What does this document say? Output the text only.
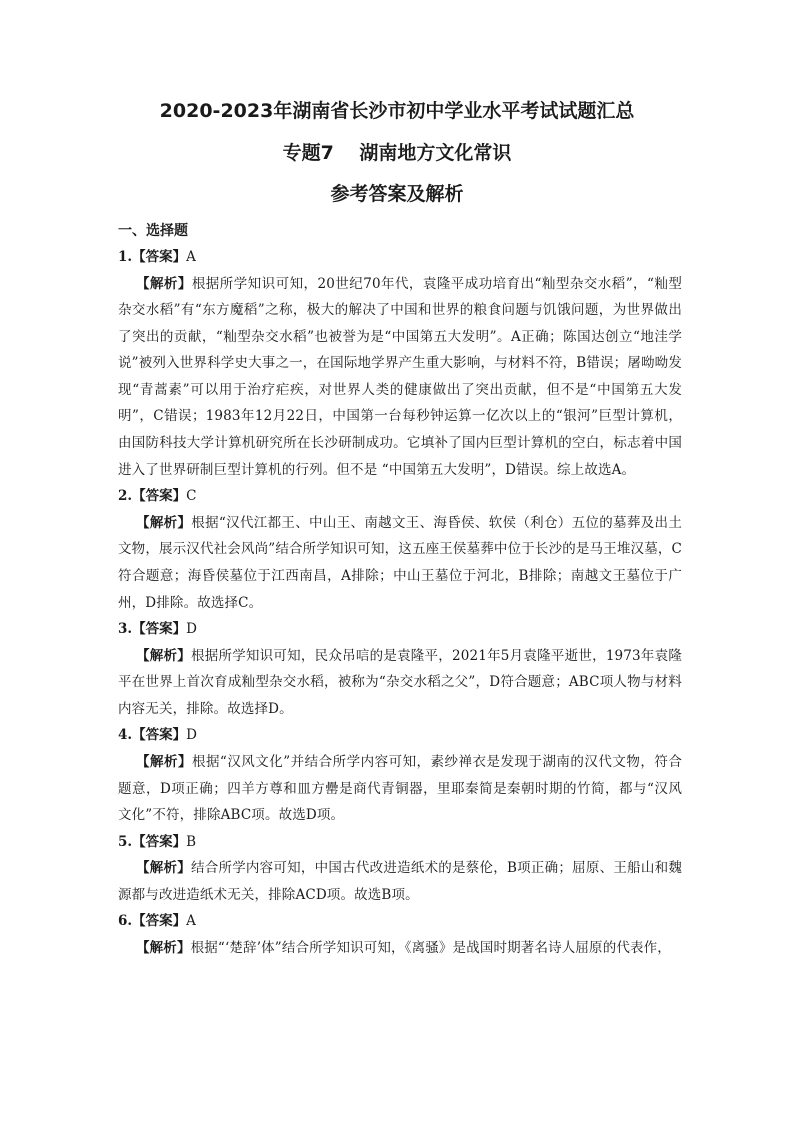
2020-2023年湖南省长沙市初中学业水平考试试题汇总
专题7　 湖南地方文化常识
参考答案及解析

一、选择题

1.【答案】A

【解析】根据所学知识可知，20世纪70年代，袁隆平成功培育出“籼型杂交水稻”，“籼型杂交水稻”有“东方魔稻”之称，极大的解决了中国和世界的粮食问题与饥饿问题，为世界做出了突出的贡献，“籼型杂交水稻”也被誉为是“中国第五大发明”。A正确；陈国达创立“地洼学说”被列入世界科学史大事之一，在国际地学界产生重大影响，与材料不符，B错误；屠呦呦发现“青蒿素”可以用于治疗疟疾，对世界人类的健康做出了突出贡献，但不是“中国第五大发明”，C错误；1983年12月22日，中国第一台每秒钟运算一亿次以上的“银河”巨型计算机，由国防科技大学计算机研究所在长沙研制成功。它填补了国内巨型计算机的空白，标志着中国进入了世界研制巨型计算机的行列。但不是 “中国第五大发明”，D错误。综上故选A。

2.【答案】C

【解析】根据“汉代江都王、中山王、南越文王、海昏侯、软侯（利仓）五位的墓葬及出土文物，展示汉代社会风尚”结合所学知识可知，这五座王侯墓葬中位于长沙的是马王堆汉墓，C符合题意；海昏侯墓位于江西南昌，A排除；中山王墓位于河北，B排除；南越文王墓位于广州，D排除。故选择C。

3.【答案】D

【解析】根据所学知识可知，民众吊唁的是袁隆平，2021年5月袁隆平逝世，1973年袁隆平在世界上首次育成籼型杂交水稻，被称为“杂交水稻之父”，D符合题意；ABC项人物与材料内容无关，排除。故选择D。

4.【答案】D

【解析】根据“汉风文化”并结合所学内容可知，素纱禅衣是发现于湖南的汉代文物，符合题意，D项正确；四羊方尊和皿方罍是商代青铜器，里耶秦简是秦朝时期的竹简，都与“汉风文化”不符，排除ABC项。故选D项。

5.【答案】B

【解析】结合所学内容可知，中国古代改进造纸术的是蔡伦，B项正确；屈原、王船山和魏源都与改进造纸术无关，排除ACD项。故选B项。

6.【答案】A

【解析】根据“‘楚辞’体”结合所学知识可知，《离骚》是战国时期著名诗人屈原的代表作，
